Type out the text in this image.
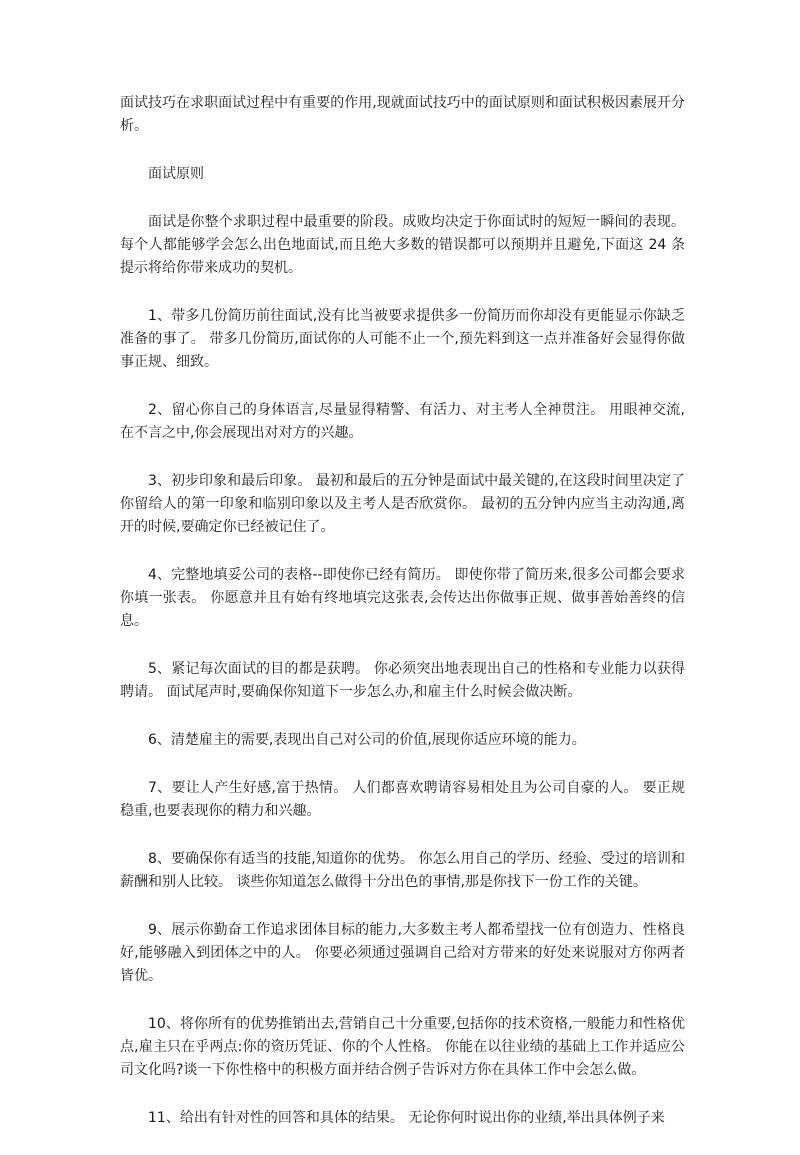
面试技巧在求职面试过程中有重要的作用,现就面试技巧中的面试原则和面试积极因素展开分析。

面试原则

面试是你整个求职过程中最重要的阶段。成败均决定于你面试时的短短一瞬间的表现。每个人都能够学会怎么出色地面试,而且绝大多数的错误都可以预期并且避免,下面这 24 条提示将给你带来成功的契机。

1、带多几份简历前往面试,没有比当被要求提供多一份简历而你却没有更能显示你缺乏准备的事了。 带多几份简历,面试你的人可能不止一个,预先料到这一点并准备好会显得你做事正规、细致。

2、留心你自己的身体语言,尽量显得精警、有活力、对主考人全神贯注。 用眼神交流,在不言之中,你会展现出对对方的兴趣。

3、初步印象和最后印象。 最初和最后的五分钟是面试中最关键的,在这段时间里决定了你留给人的第一印象和临别印象以及主考人是否欣赏你。 最初的五分钟内应当主动沟通,离开的时候,要确定你已经被记住了。

4、完整地填妥公司的表格--即使你已经有简历。 即使你带了简历来,很多公司都会要求你填一张表。 你愿意并且有始有终地填完这张表,会传达出你做事正规、做事善始善终的信息。

5、紧记每次面试的目的都是获聘。 你必须突出地表现出自己的性格和专业能力以获得聘请。 面试尾声时,要确保你知道下一步怎么办,和雇主什么时候会做决断。

6、清楚雇主的需要,表现出自己对公司的价值,展现你适应环境的能力。

7、要让人产生好感,富于热情。 人们都喜欢聘请容易相处且为公司自豪的人。 要正规稳重,也要表现你的精力和兴趣。

8、要确保你有适当的技能,知道你的优势。 你怎么用自己的学历、经验、受过的培训和薪酬和别人比较。 谈些你知道怎么做得十分出色的事情,那是你找下一份工作的关键。

9、展示你勤奋工作追求团体目标的能力,大多数主考人都希望找一位有创造力、性格良好,能够融入到团体之中的人。 你要必须通过强调自己给对方带来的好处来说服对方你两者皆优。

10、将你所有的优势推销出去,营销自己十分重要,包括你的技术资格,一般能力和性格优点,雇主只在乎两点:你的资历凭证、你的个人性格。 你能在以往业绩的基础上工作并适应公司文化吗?谈一下你性格中的积极方面并结合例子告诉对方你在具体工作中会怎么做。

11、给出有针对性的回答和具体的结果。 无论你何时说出你的业绩,举出具体例子来
